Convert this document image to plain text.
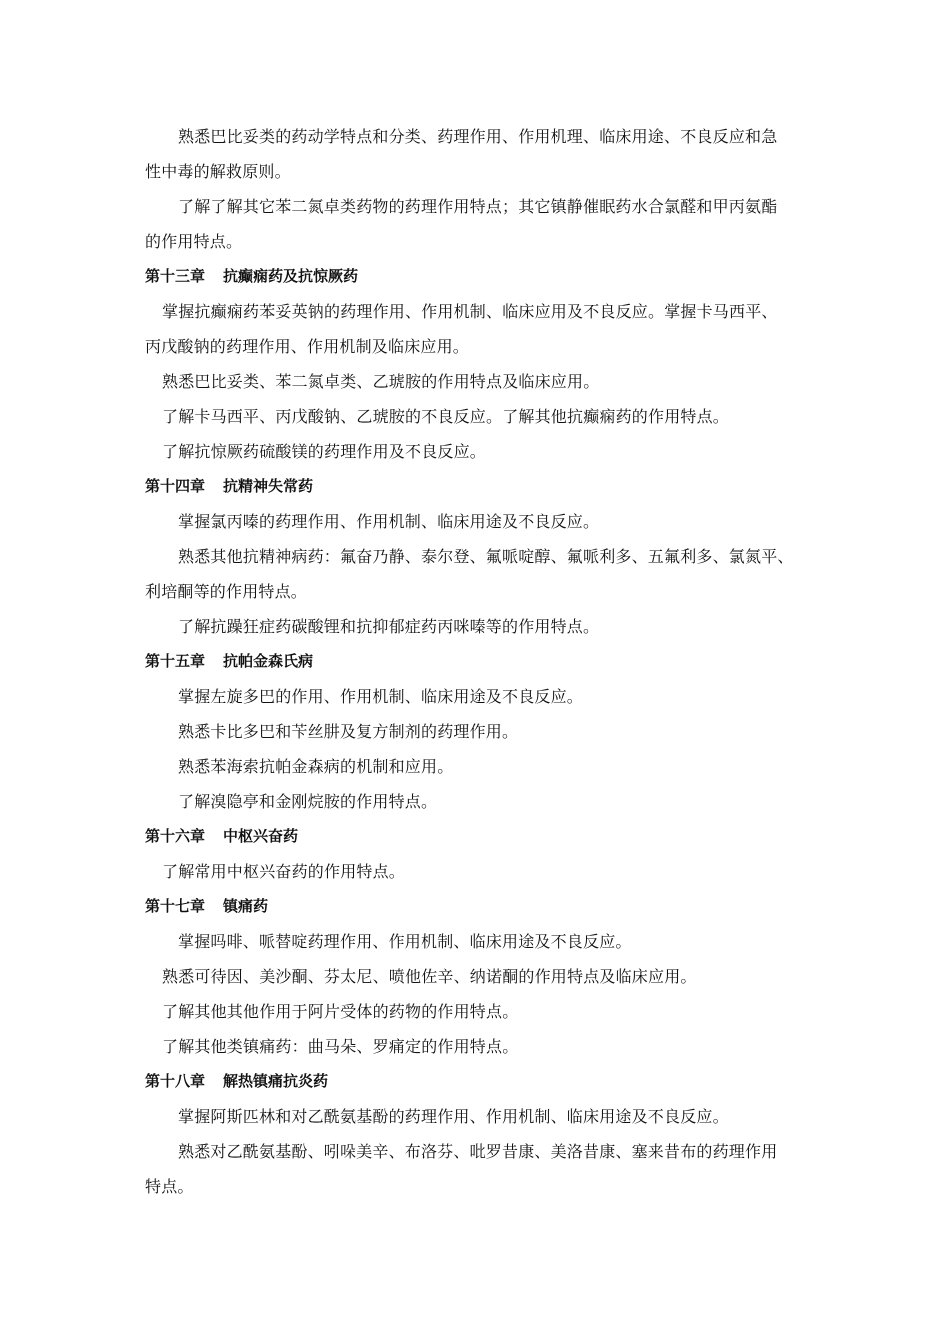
熟悉巴比妥类的药动学特点和分类、药理作用、作用机理、临床用途、不良反应和急
性中毒的解救原则。
了解了解其它苯二氮卓类药物的药理作用特点；其它镇静催眠药水合氯醛和甲丙氨酯
的作用特点。
第十三章 抗癫痫药及抗惊厥药
掌握抗癫痫药苯妥英钠的药理作用、作用机制、临床应用及不良反应。掌握卡马西平、
丙戊酸钠的药理作用、作用机制及临床应用。
熟悉巴比妥类、苯二氮卓类、乙琥胺的作用特点及临床应用。
了解卡马西平、丙戊酸钠、乙琥胺的不良反应。了解其他抗癫痫药的作用特点。
了解抗惊厥药硫酸镁的药理作用及不良反应。
第十四章 抗精神失常药
掌握氯丙嗪的药理作用、作用机制、临床用途及不良反应。
熟悉其他抗精神病药：氟奋乃静、泰尔登、氟哌啶醇、氟哌利多、五氟利多、氯氮平、
利培酮等的作用特点。
了解抗躁狂症药碳酸锂和抗抑郁症药丙咪嗪等的作用特点。
第十五章 抗帕金森氏病
掌握左旋多巴的作用、作用机制、临床用途及不良反应。
熟悉卡比多巴和苄丝肼及复方制剂的药理作用。
熟悉苯海索抗帕金森病的机制和应用。
了解溴隐亭和金刚烷胺的作用特点。
第十六章 中枢兴奋药
了解常用中枢兴奋药的作用特点。
第十七章 镇痛药
掌握吗啡、哌替啶药理作用、作用机制、临床用途及不良反应。
熟悉可待因、美沙酮、芬太尼、喷他佐辛、纳诺酮的作用特点及临床应用。
了解其他其他作用于阿片受体的药物的作用特点。
了解其他类镇痛药：曲马朵、罗痛定的作用特点。
第十八章 解热镇痛抗炎药
掌握阿斯匹林和对乙酰氨基酚的药理作用、作用机制、临床用途及不良反应。
熟悉对乙酰氨基酚、吲哚美辛、布洛芬、吡罗昔康、美洛昔康、塞来昔布的药理作用
特点。
